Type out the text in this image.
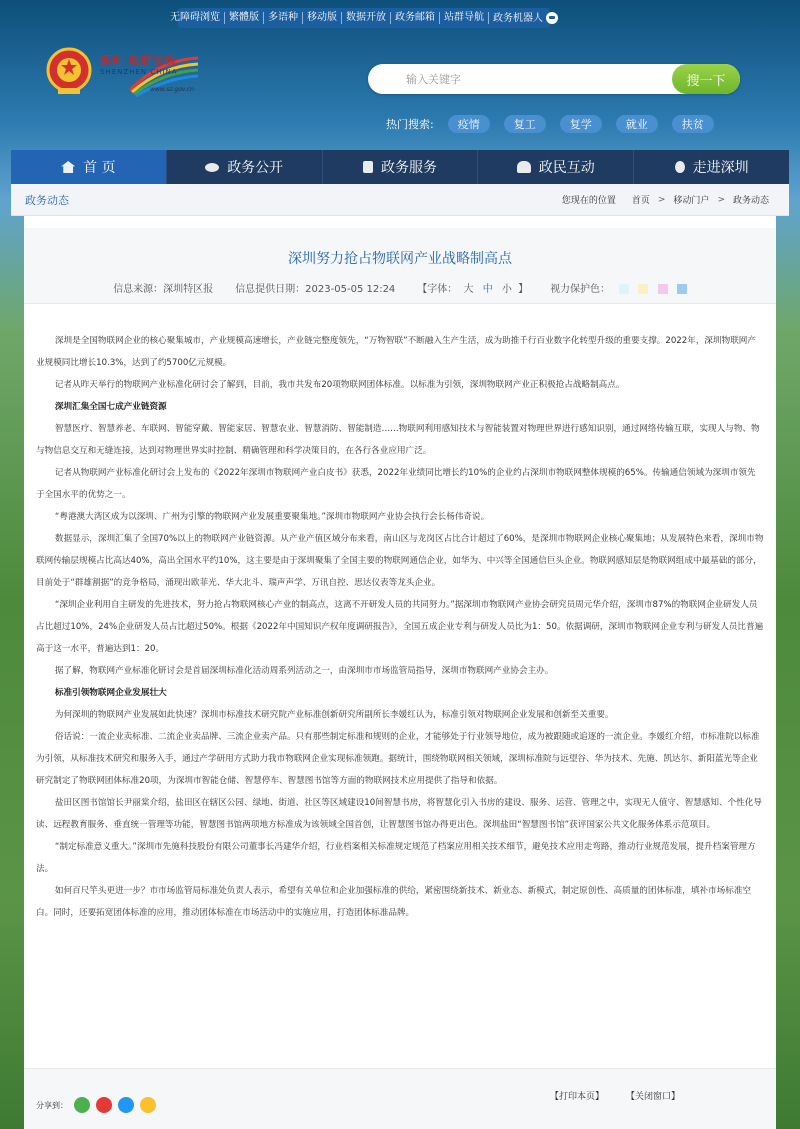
无障碍浏览 繁體版 多语种 移动版 数据开放 政务邮箱 站群导航 政务机器人
深圳 政府在线
SHENZHEN CHINA
www.sz.gov.cn
输入关键字
搜一下
热门搜索:	疫情	复工	复学	就业	扶贫
首 页	政务公开	政务服务	政民互动	走进深圳
政务动态	您现在的位置 首页 > 移动门户 > 政务动态
深圳努力抢占物联网产业战略制高点
信息来源：深圳特区报 信息提供日期：2023-05-05 12:24 【字体： 大 中 小 】 视力保护色：

深圳是全国物联网企业的核心聚集城市，产业规模高速增长，产业链完整度领先，“万物智联”不断融入生产生活，成为助推千行百业数字化转型升级的重要支撑。2022年，深圳物联网产业规模同比增长10.3%，达到了约5700亿元规模。

记者从昨天举行的物联网产业标准化研讨会了解到，目前，我市共发布20项物联网团体标准。以标准为引领，深圳物联网产业正积极抢占战略制高点。

深圳汇集全国七成产业链资源

智慧医疗、智慧养老、车联网、智能穿戴、智能家居、智慧农业、智慧消防、智能制造……物联网利用感知技术与智能装置对物理世界进行感知识别，通过网络传输互联，实现人与物、物与物信息交互和无缝连接，达到对物理世界实时控制、精确管理和科学决策目的，在各行各业应用广泛。

记者从物联网产业标准化研讨会上发布的《2022年深圳市物联网产业白皮书》获悉，2022年业绩同比增长约10%的企业约占深圳市物联网整体规模的65%。传输通信领域为深圳市领先于全国水平的优势之一。

“粤港澳大湾区成为以深圳、广州为引擎的物联网产业发展重要聚集地。”深圳市物联网产业协会执行会长杨伟奇说。

数据显示，深圳汇集了全国70%以上的物联网产业链资源。从产业产值区域分布来看，南山区与龙岗区占比合计超过了60%，是深圳市物联网企业核心聚集地；从发展特色来看，深圳市物联网传输层规模占比高达40%，高出全国水平约10%，这主要是由于深圳聚集了全国主要的物联网通信企业，如华为、中兴等全国通信巨头企业。物联网感知层是物联网组成中最基础的部分，目前处于“群雄割据”的竞争格局，涌现出欧菲光、华大北斗、瑞声声学、万讯自控、思达仪表等龙头企业。

“深圳企业利用自主研发的先进技术，努力抢占物联网核心产业的制高点，这离不开研发人员的共同努力。”据深圳市物联网产业协会研究员周元华介绍，深圳市87%的物联网企业研发人员占比超过10%，24%企业研发人员占比超过50%。根据《2022年中国知识产权年度调研报告》，全国五成企业专利与研发人员比为1：50。依据调研，深圳市物联网企业专利与研发人员比普遍高于这一水平，普遍达到1：20。

据了解，物联网产业标准化研讨会是首届深圳标准化活动周系列活动之一，由深圳市市场监管局指导，深圳市物联网产业协会主办。

标准引领物联网企业发展壮大

为何深圳的物联网产业发展如此快速？深圳市标准技术研究院产业标准创新研究所副所长李媛红认为，标准引领对物联网企业发展和创新至关重要。

俗话说：一流企业卖标准、二流企业卖品牌、三流企业卖产品。只有那些制定标准和规则的企业，才能够处于行业领导地位，成为被跟随或追逐的一流企业。李媛红介绍，市标准院以标准为引领，从标准技术研究和服务入手，通过产学研用方式助力我市物联网企业实现标准领跑。据统计，围绕物联网相关领域，深圳标准院与远望谷、华为技术、先施、凯达尔、新阳蓝光等企业研究制定了物联网团体标准20项，为深圳市智能仓储、智慧停车、智慧图书馆等方面的物联网技术应用提供了指导和依据。

盐田区图书馆馆长尹丽棠介绍，盐田区在辖区公园、绿地、街道、社区等区域建设10间智慧书房，将智慧化引入书房的建设、服务、运营、管理之中，实现无人值守、智慧感知、个性化导读、远程教育服务、垂直统一管理等功能，智慧图书馆两项地方标准成为该领域全国首创，让智慧图书馆办得更出色。深圳盐田“智慧图书馆”获评国家公共文化服务体系示范项目。

“制定标准意义重大。”深圳市先施科技股份有限公司董事长冯建华介绍，行业档案相关标准规定规范了档案应用相关技术细节，避免技术应用走弯路，推动行业规范发展，提升档案管理方法。

如何百尺竿头更进一步？市市场监管局标准处负责人表示，希望有关单位和企业加强标准的供给，紧密围绕新技术、新业态、新模式，制定原创性、高质量的团体标准，填补市场标准空白。同时，还要拓宽团体标准的应用，推动团体标准在市场活动中的实施应用，打造团体标准品牌。

分享到：
【打印本页】 【关闭窗口】
